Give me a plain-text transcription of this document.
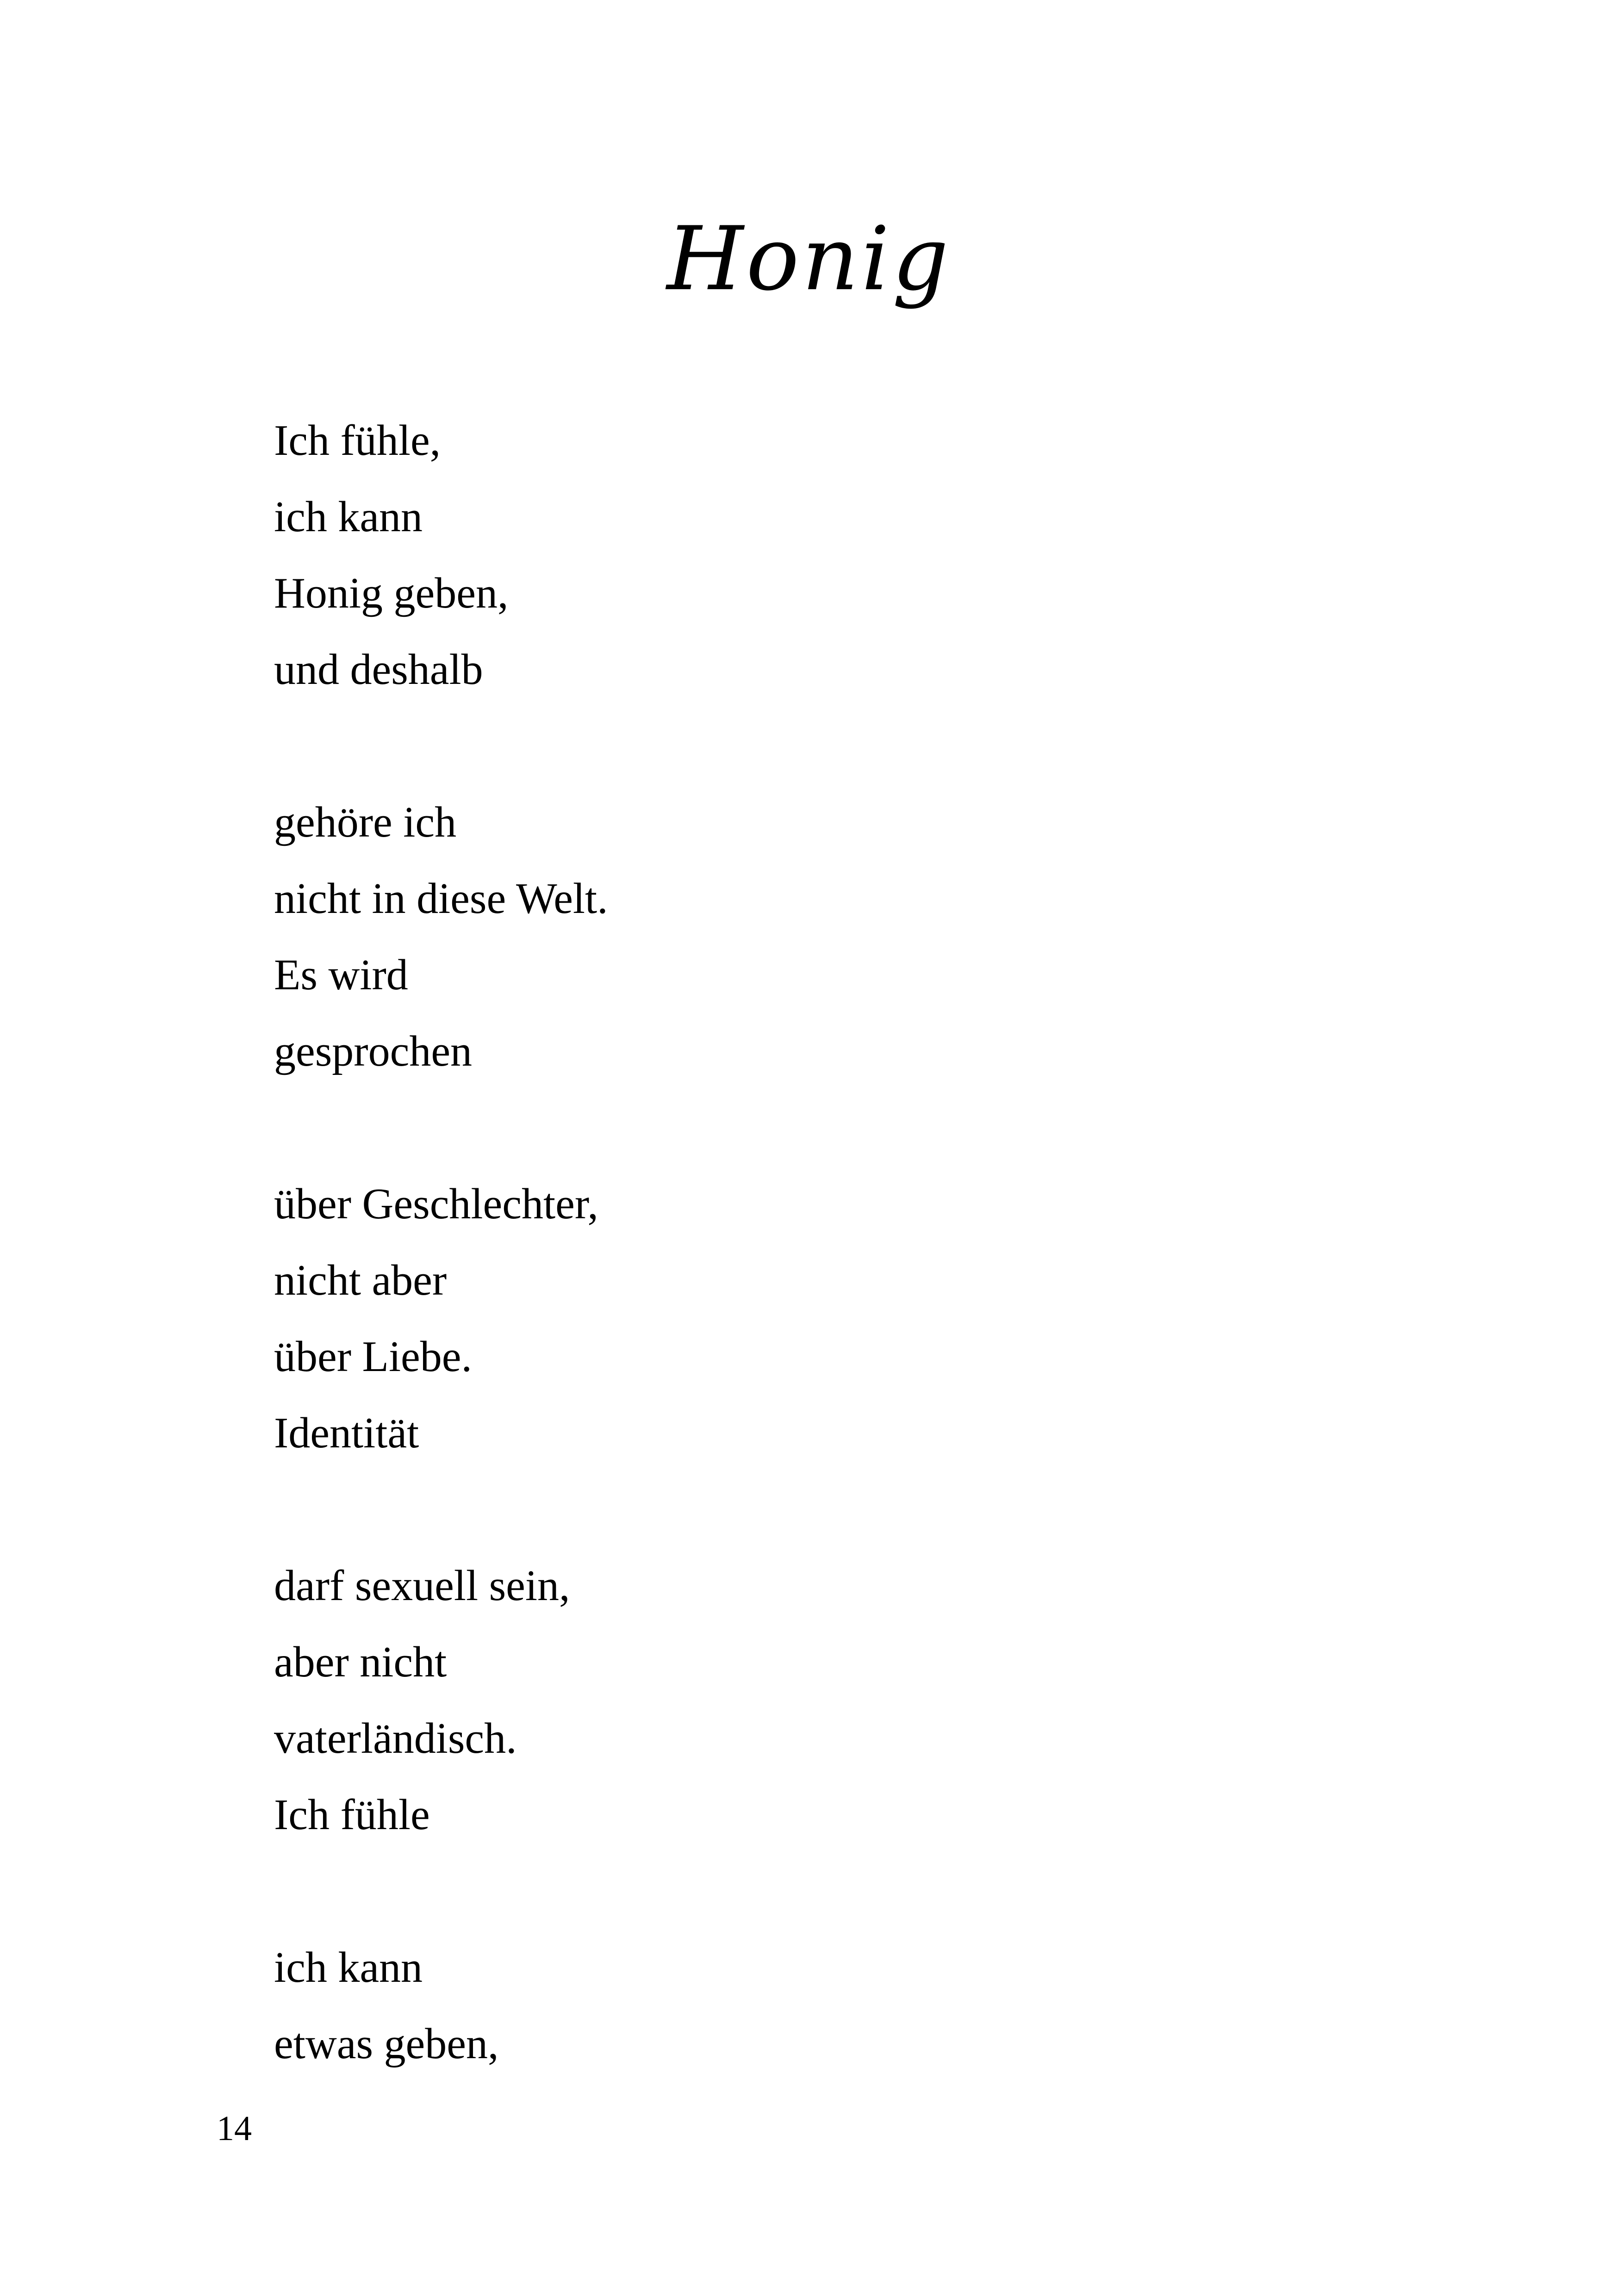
Honig
Ich fühle,
ich kann
Honig geben,
und deshalb
gehöre ich
nicht in diese Welt.
Es wird
gesprochen
über Geschlechter,
nicht aber
über Liebe.
Identität
darf sexuell sein,
aber nicht
vaterländisch.
Ich fühle
ich kann
etwas geben,
14
